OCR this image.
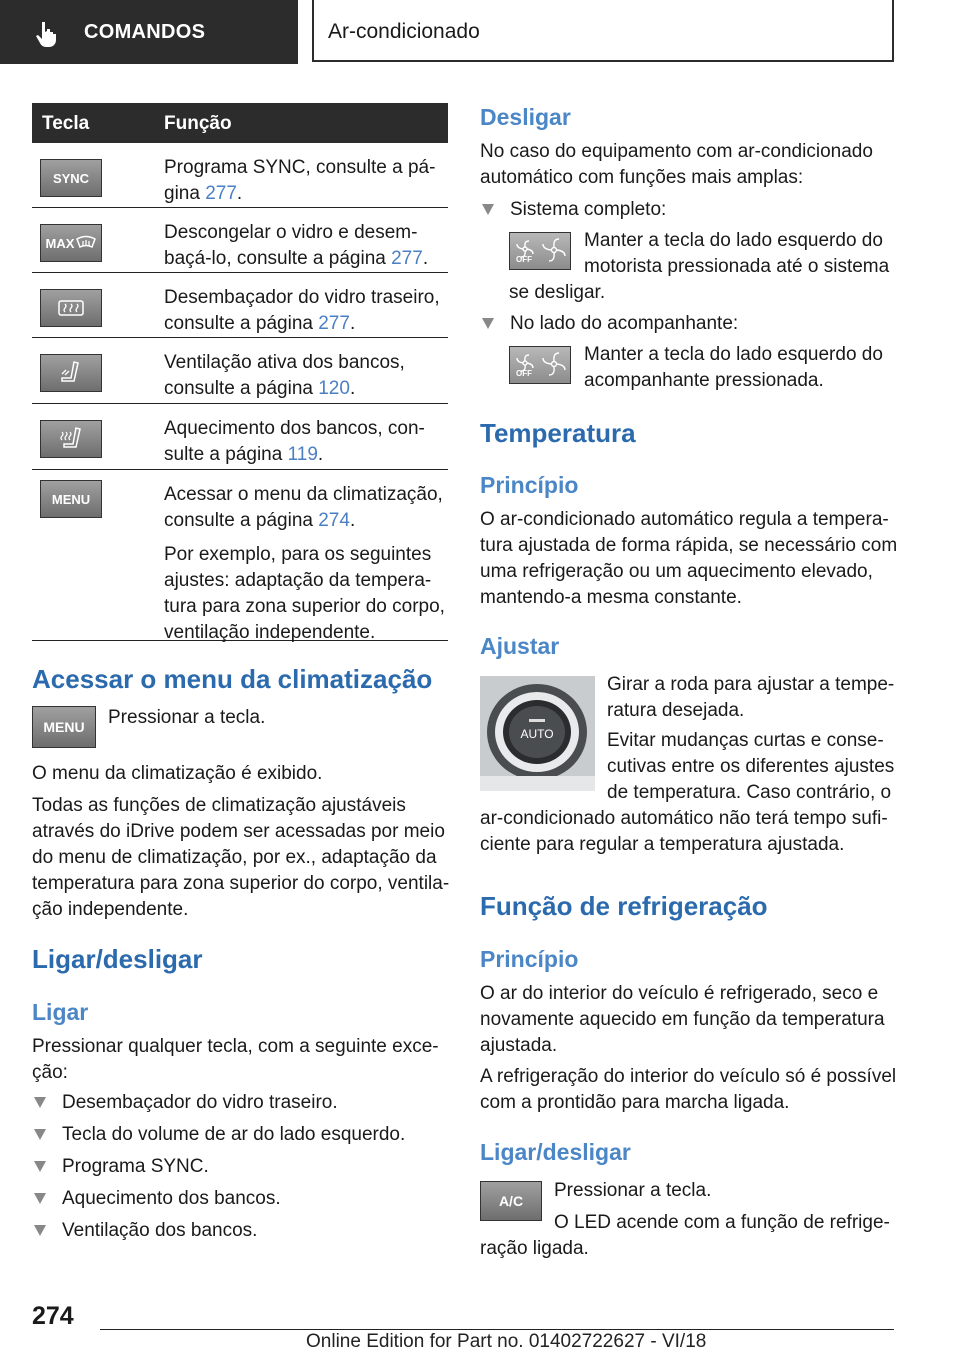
COMANDOS	Ar-condicionado
Tecla	Função
SYNC	Programa SYNC, consulte a pá‐
gina 277.

MAX	Descongelar o vidro e desem‐
baçá-lo, consulte a página 277.

Desembaçador do vidro traseiro,
consulte a página 277.

Ventilação ativa dos bancos,
consulte a página 120.

Aquecimento dos bancos, con‐
sulte a página 119.

MENU	Acessar o menu da climatização,
consulte a página 274.

Por exemplo, para os seguintes ajustes: adaptação da tempera‐ tura para zona superior do corpo, ventilação independente.

Acessar o menu da climatização
MENU	Pressionar a tecla.

O menu da climatização é exibido.

Todas as funções de climatização ajustáveis através do iDrive podem ser acessadas por meio do menu de climatização, por ex., adaptação da temperatura para zona superior do corpo, ventila‐ ção independente.

Ligar/desligar
Ligar

Pressionar qualquer tecla, com a seguinte exce‐ ção:

Desembaçador do vidro traseiro.
Tecla do volume de ar do lado esquerdo.
Programa SYNC.
Aquecimento dos bancos.
Ventilação dos bancos.
Desligar

No caso do equipamento com ar-condicionado automático com funções mais amplas:

Sistema completo:
OFF
Manter a tecla do lado esquerdo do
motorista pressionada até o sistema
se desligar.
No lado do acompanhante:
OFF
Manter a tecla do lado esquerdo do
acompanhante pressionada.
Temperatura
Princípio

O ar-condicionado automático regula a tempera‐ tura ajustada de forma rápida, se necessário com uma refrigeração ou um aquecimento elevado, mantendo-a mesma constante.

Ajustar
AUTO
Girar a roda para ajustar a tempe‐
ratura desejada.
Evitar mudanças curtas e conse‐
cutivas entre os diferentes ajustes
de temperatura. Caso contrário, o

ar-condicionado automático não terá tempo sufi‐ ciente para regular a temperatura ajustada.

Função de refrigeração
Princípio

O ar do interior do veículo é refrigerado, seco e novamente aquecido em função da temperatura ajustada.

A refrigeração do interior do veículo só é possível com a prontidão para marcha ligada.

Ligar/desligar
A/C	Pressionar a tecla.
O LED acende com a função de refrige‐
ração ligada.
274
Online Edition for Part no. 01402722627 - VI/18
